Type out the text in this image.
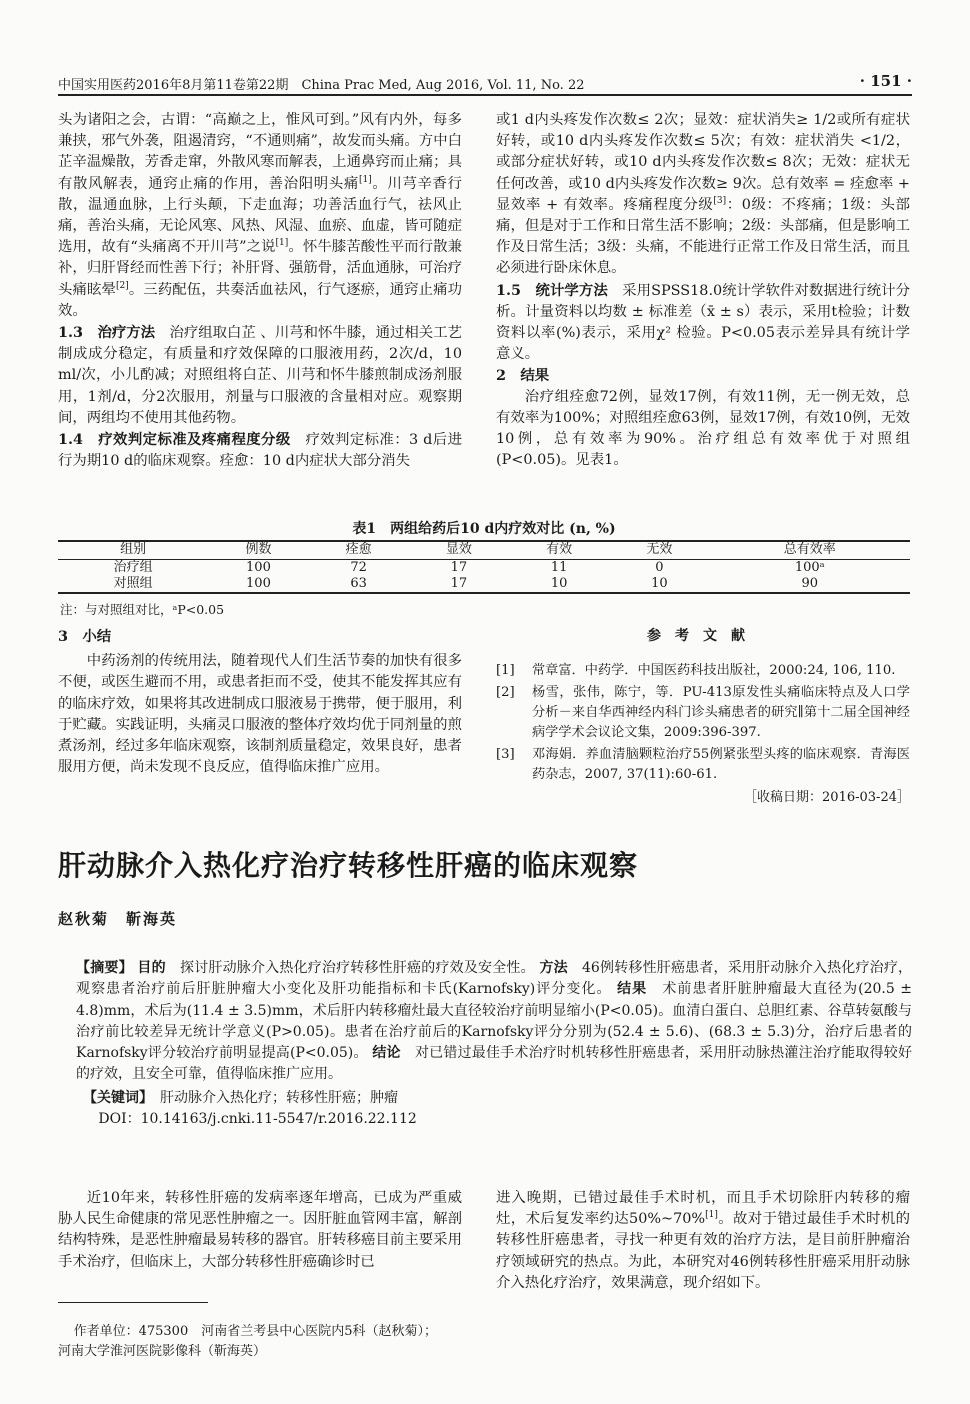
中国实用医药2016年8月第11卷第22期　China Prac Med, Aug 2016, Vol. 11, No. 22	· 151 ·

头为诸阳之会，古谓：“高巅之上，惟风可到。”风有内外，每多兼挟，邪气外袭，阻遏清窍，“不通则痛”，故发而头痛。方中白芷辛温燥散，芳香走窜，外散风寒而解表，上通鼻窍而止痛；具有散风解表，通窍止痛的作用，善治阳明头痛[1]。川芎辛香行散，温通血脉，上行头颠，下走血海；功善活血行气，祛风止痛，善治头痛，无论风寒、风热、风湿、血瘀、血虚，皆可随症选用，故有“头痛离不开川芎”之说[1]。怀牛膝苦酸性平而行散兼补，归肝肾经而性善下行；补肝肾、强筋骨，活血通脉，可治疗头痛眩晕[2]。三药配伍，共奏活血祛风，行气逐瘀，通窍止痛功效。

1.3　治疗方法　治疗组取白芷 、川芎和怀牛膝，通过相关工艺制成成分稳定，有质量和疗效保障的口服液用药，2次/d，10 ml/次，小儿酌减；对照组将白芷、川芎和怀牛膝煎制成汤剂服用，1剂/d，分2次服用，剂量与口服液的含量相对应。观察期间，两组均不使用其他药物。

1.4　疗效判定标准及疼痛程度分级　疗效判定标准：3 d后进行为期10 d的临床观察。痊愈：10 d内症状大部分消失

或1 d内头疼发作次数≤ 2次；显效：症状消失≥ 1/2或所有症状好转，或10 d内头疼发作次数≤ 5次；有效：症状消失 <1/2，或部分症状好转，或10 d内头疼发作次数≤ 8次；无效：症状无任何改善，或10 d内头疼发作次数≥ 9次。总有效率 = 痊愈率 + 显效率 + 有效率。疼痛程度分级[3]：0级：不疼痛；1级：头部痛，但是对于工作和日常生活不影响；2级：头部痛，但是影响工作及日常生活；3级：头痛，不能进行正常工作及日常生活，而且必须进行卧床休息。

1.5　统计学方法　采用SPSS18.0统计学软件对数据进行统计分析。计量资料以均数 ± 标准差（x̄ ± s）表示，采用t检验；计数资料以率(%)表示，采用χ² 检验。P<0.05表示差异具有统计学意义。

2　结果

治疗组痊愈72例，显效17例，有效11例，无一例无效，总有效率为100%；对照组痊愈63例，显效17例，有效10例，无效10例，总有效率为90%。治疗组总有效率优于对照组(P<0.05)。见表1。

表1　两组给药后10 d内疗效对比 (n, %)
组别	例数	痊愈	显效	有效	无效	总有效率
治疗组	100	72	17	11	0	100ᵃ
对照组	100	63	17	10	10	90
注：与对照组对比，ᵃP<0.05

3　小结

中药汤剂的传统用法，随着现代人们生活节奏的加快有很多不便，或医生避而不用，或患者拒而不受，使其不能发挥其应有的临床疗效，如果将其改进制成口服液易于携带，便于服用，利于贮藏。实践证明，头痛灵口服液的整体疗效均优于同剂量的煎煮汤剂，经过多年临床观察，该制剂质量稳定，效果良好，患者服用方便，尚未发现不良反应，值得临床推广应用。

参考文献

[1] 常章富．中药学．中国医药科技出版社，2000:24, 106, 110.
[2] 杨雪，张伟，陈宁，等．PU-413原发性头痛临床特点及人口学分析－来自华西神经内科门诊头痛患者的研究∥第十二届全国神经病学学术会议论文集，2009:396-397.
[3] 邓海娟．养血清脑颗粒治疗55例紧张型头疼的临床观察．青海医药杂志，2007, 37(11):60-61.

［收稿日期：2016-03-24］

肝动脉介入热化疗治疗转移性肝癌的临床观察
赵秋菊　靳海英

【摘要】 目的　探讨肝动脉介入热化疗治疗转移性肝癌的疗效及安全性。 方法　46例转移性肝癌患者，采用肝动脉介入热化疗治疗，观察患者治疗前后肝脏肿瘤大小变化及肝功能指标和卡氏(Karnofsky)评分变化。 结果　术前患者肝脏肿瘤最大直径为(20.5 ± 4.8)mm，术后为(11.4 ± 3.5)mm，术后肝内转移瘤灶最大直径较治疗前明显缩小(P<0.05)。血清白蛋白、总胆红素、谷草转氨酸与治疗前比较差异无统计学意义(P>0.05)。患者在治疗前后的Karnofsky评分分别为(52.4 ± 5.6)、(68.3 ± 5.3)分，治疗后患者的Karnofsky评分较治疗前明显提高(P<0.05)。 结论　对已错过最佳手术治疗时机转移性肝癌患者，采用肝动脉热灌注治疗能取得较好的疗效，且安全可靠，值得临床推广应用。

【关键词】　肝动脉介入热化疗；转移性肝癌；肿瘤

DOI：10.14163/j.cnki.11-5547/r.2016.22.112

近10年来，转移性肝癌的发病率逐年增高，已成为严重威胁人民生命健康的常见恶性肿瘤之一。因肝脏血管网丰富，解剖结构特殊，是恶性肿瘤最易转移的器官。肝转移癌目前主要采用手术治疗，但临床上，大部分转移性肝癌确诊时已

进入晚期，已错过最佳手术时机，而且手术切除肝内转移的瘤灶，术后复发率约达50%~70%[1]。故对于错过最佳手术时机的转移性肝癌患者，寻找一种更有效的治疗方法，是目前肝肿瘤治疗领域研究的热点。为此，本研究对46例转移性肝癌采用肝动脉介入热化疗治疗，效果满意，现介绍如下。

作者单位：475300　河南省兰考县中心医院内5科（赵秋菊）；

河南大学淮河医院影像科（靳海英）
